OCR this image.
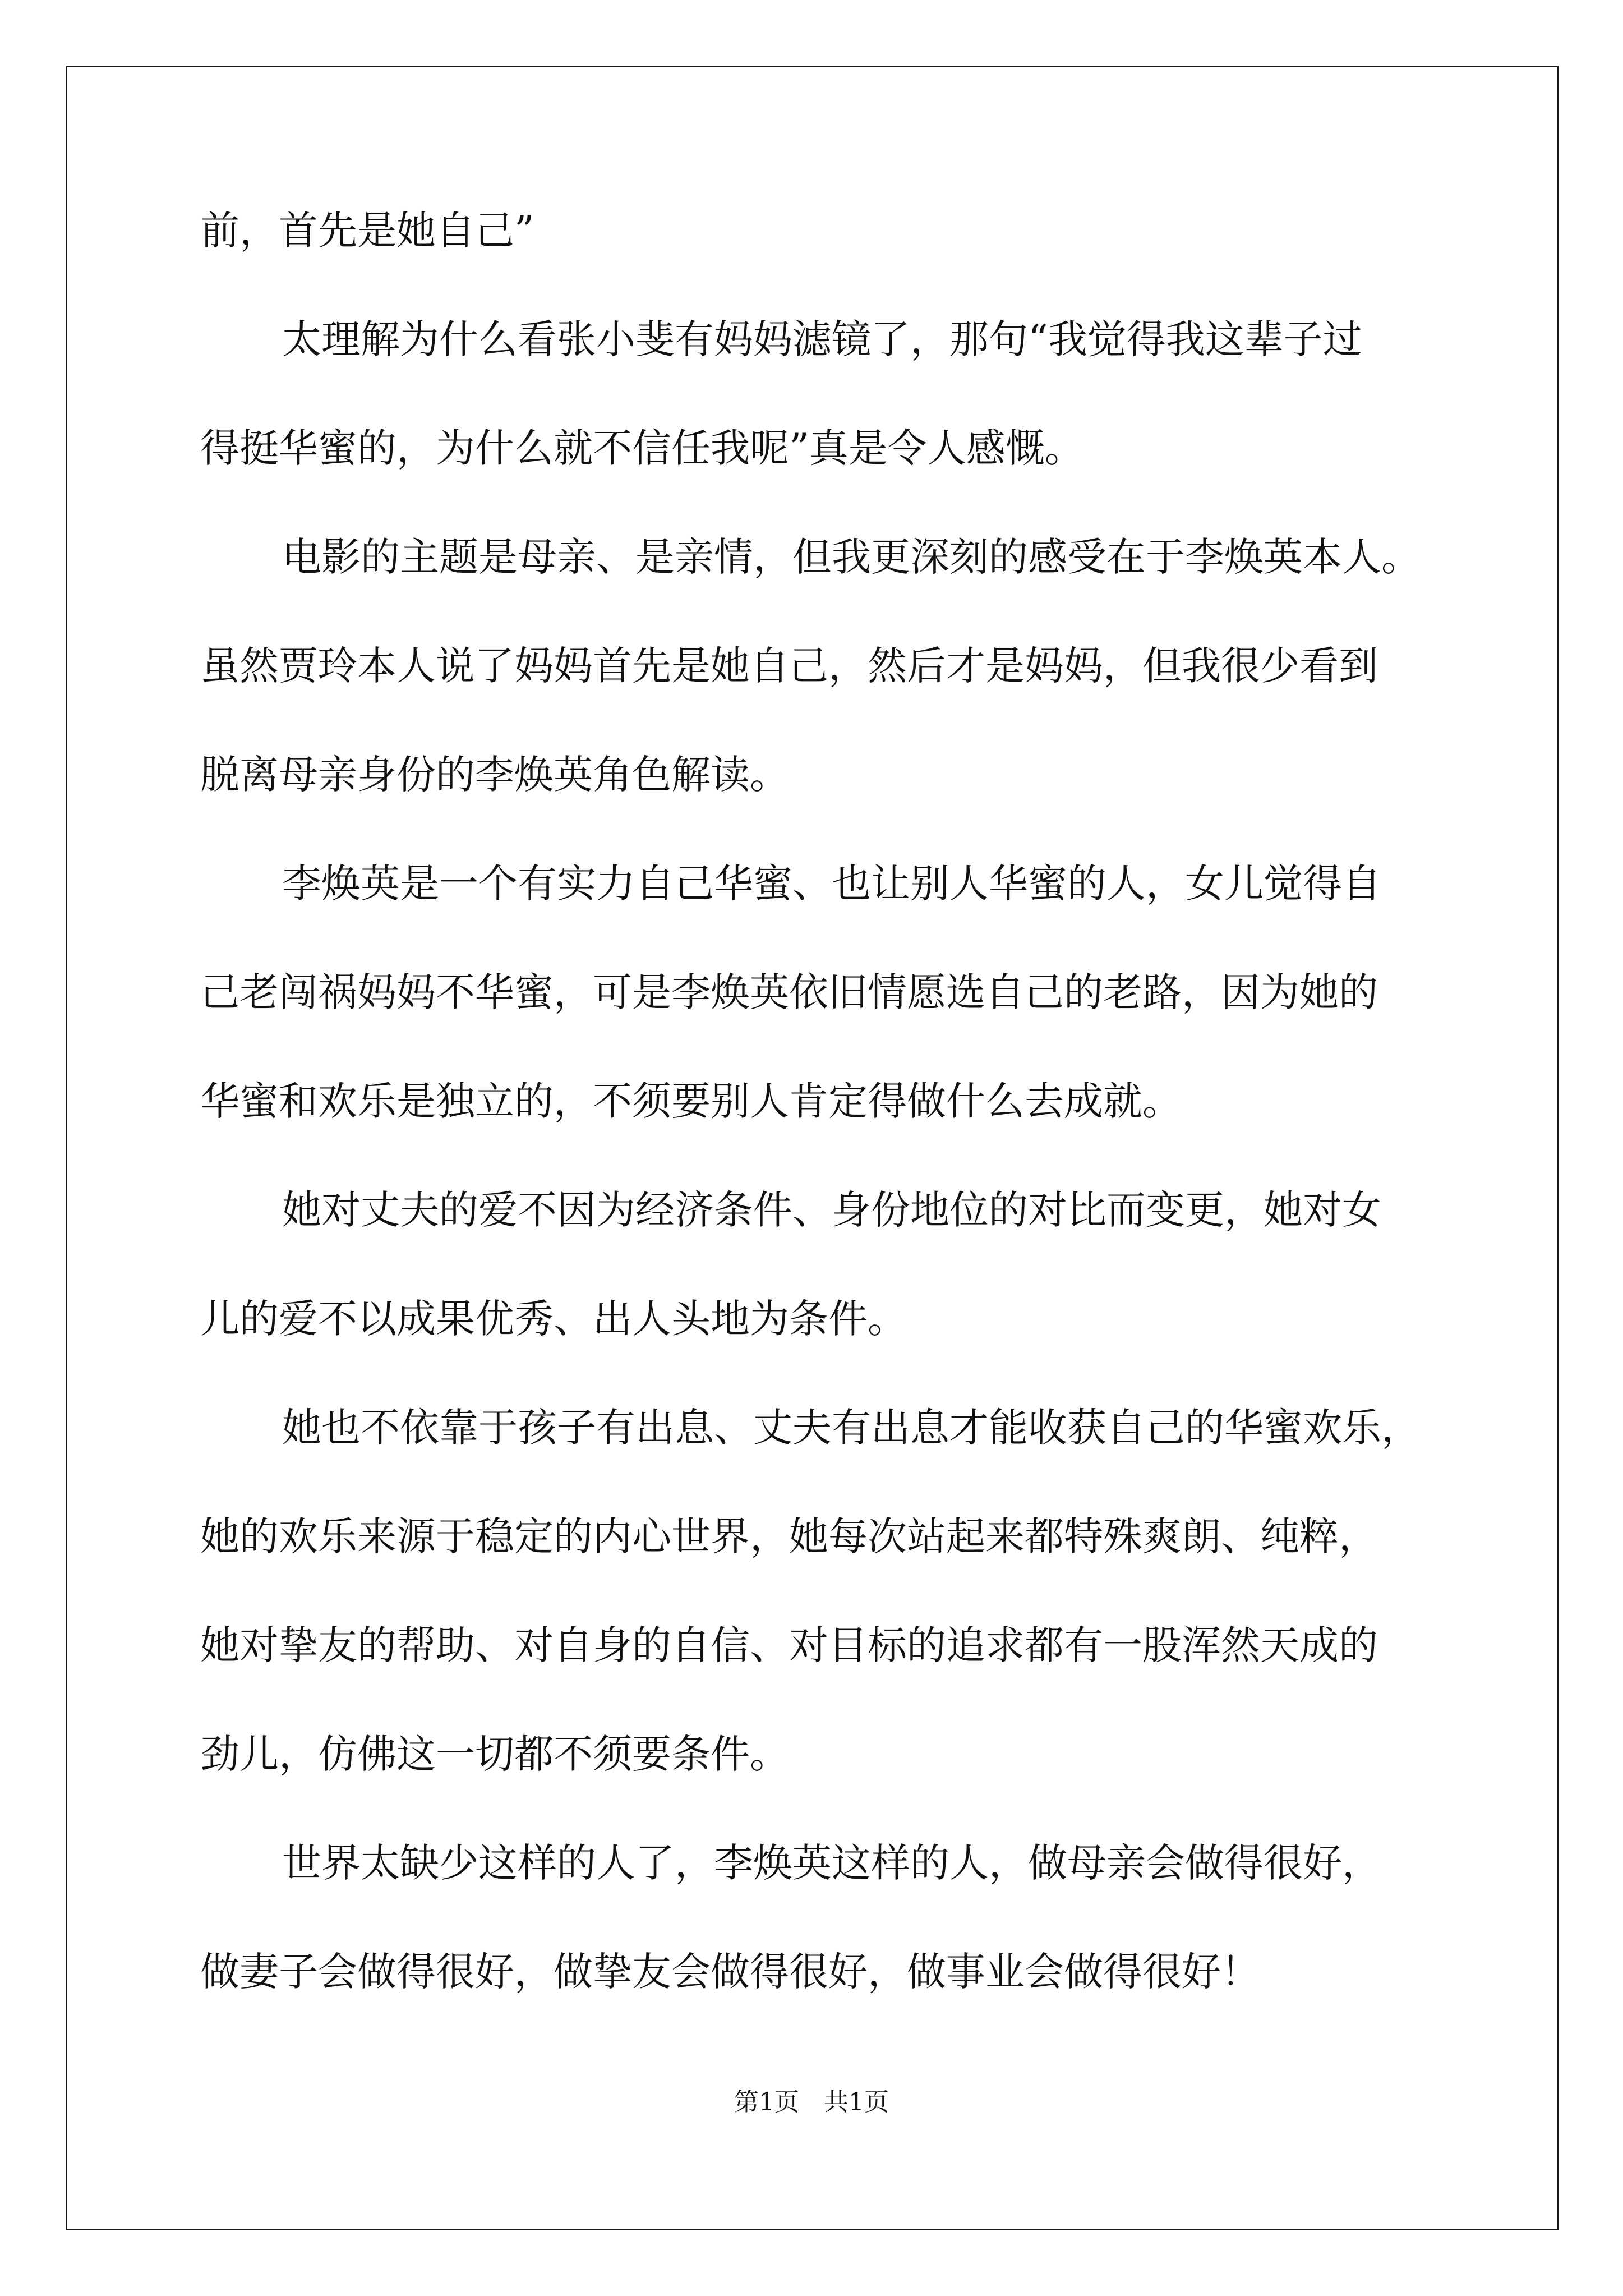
前，首先是她自己”
太理解为什么看张小斐有妈妈滤镜了，那句“我觉得我这辈子过
得挺华蜜的，为什么就不信任我呢”真是令人感慨。
电影的主题是母亲、是亲情，但我更深刻的感受在于李焕英本人。
虽然贾玲本人说了妈妈首先是她自己，然后才是妈妈，但我很少看到
脱离母亲身份的李焕英角色解读。
李焕英是一个有实力自己华蜜、也让别人华蜜的人，女儿觉得自
己老闯祸妈妈不华蜜，可是李焕英依旧情愿选自己的老路，因为她的
华蜜和欢乐是独立的，不须要别人肯定得做什么去成就。
她对丈夫的爱不因为经济条件、身份地位的对比而变更，她对女
儿的爱不以成果优秀、出人头地为条件。
她也不依靠于孩子有出息、丈夫有出息才能收获自己的华蜜欢乐，
她的欢乐来源于稳定的内心世界，她每次站起来都特殊爽朗、纯粹，
她对挚友的帮助、对自身的自信、对目标的追求都有一股浑然天成的
劲儿，仿佛这一切都不须要条件。
世界太缺少这样的人了，李焕英这样的人，做母亲会做得很好，
做妻子会做得很好，做挚友会做得很好，做事业会做得很好！
第1页　共1页
